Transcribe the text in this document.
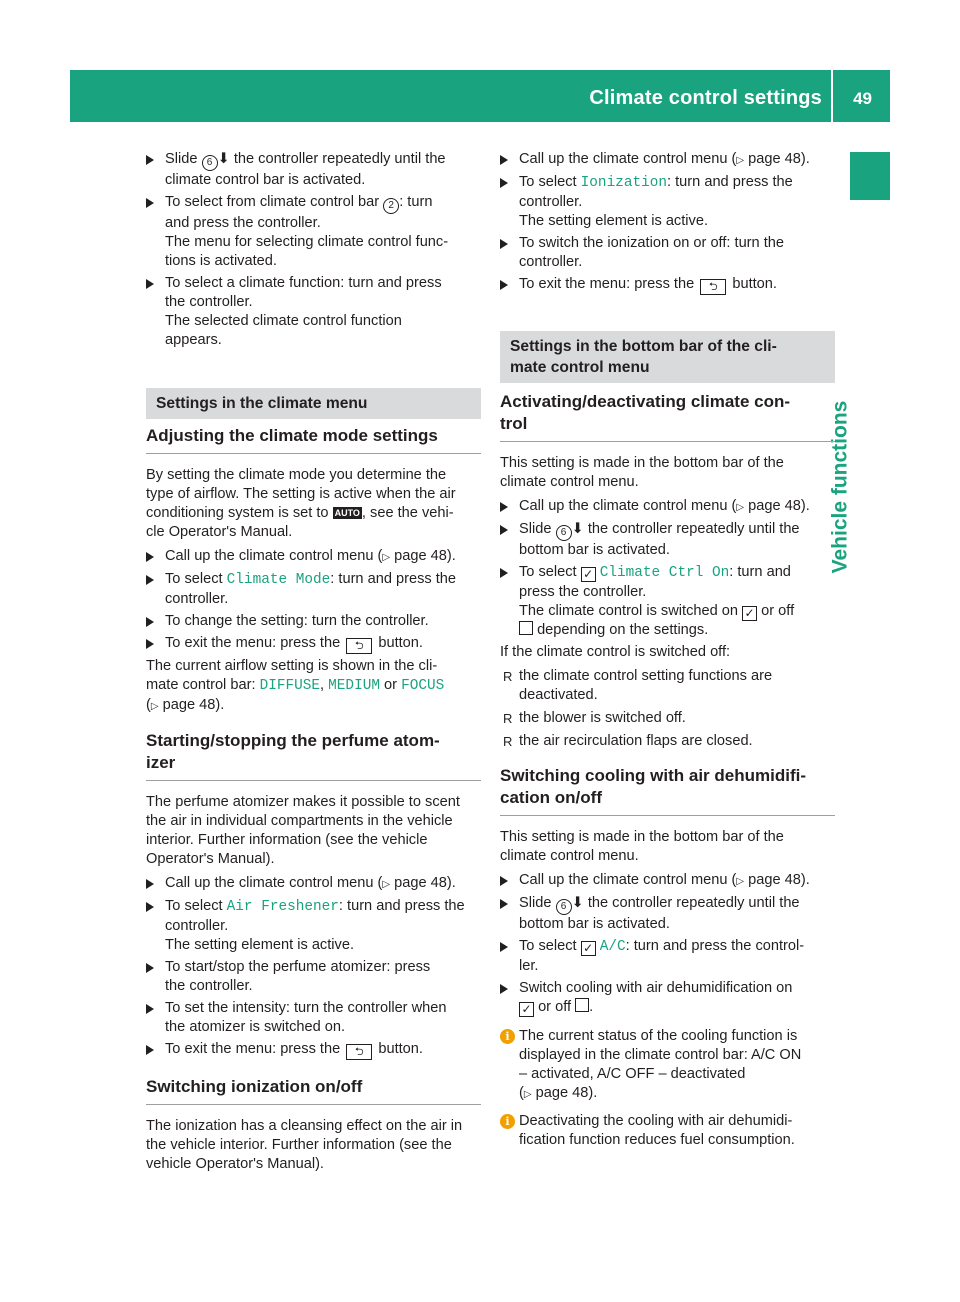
Climate control settings 49
Vehicle functions
Slide 6 ⬇ the controller repeatedly until the
climate control bar is activated.
To select from climate control bar 2 : turn
and press the controller.
The menu for selecting climate control func-
tions is activated.
To select a climate function: turn and press
the controller.
The selected climate control function
appears.
Settings in the climate menu
Adjusting the climate mode settings
By setting the climate mode you determine the
type of airflow. The setting is active when the air
conditioning system is set to AUTO , see the vehi-
cle Operator's Manual.
Call up the climate control menu (▷ page 48).
To select Climate Mode: turn and press the
controller.
To change the setting: turn the controller.
To exit the menu: press the ⮌ button.
The current airflow setting is shown in the cli-
mate control bar: DIFFUSE, MEDIUM or FOCUS
(▷ page 48).
Starting/stopping the perfume atom-
izer
The perfume atomizer makes it possible to scent
the air in individual compartments in the vehicle
interior. Further information (see the vehicle
Operator's Manual).
Call up the climate control menu (▷ page 48).
To select Air Freshener: turn and press the
controller.
The setting element is active.
To start/stop the perfume atomizer: press
the controller.
To set the intensity: turn the controller when
the atomizer is switched on.
To exit the menu: press the ⮌ button.
Switching ionization on/off
The ionization has a cleansing effect on the air in
the vehicle interior. Further information (see the
vehicle Operator's Manual).
Call up the climate control menu (▷ page 48).
To select Ionization: turn and press the
controller.
The setting element is active.
To switch the ionization on or off: turn the
controller.
To exit the menu: press the ⮌ button.
Settings in the bottom bar of the cli-
mate control menu
Activating/deactivating climate con-
trol
This setting is made in the bottom bar of the
climate control menu.
Call up the climate control menu (▷ page 48).
Slide 6 ⬇ the controller repeatedly until the
bottom bar is activated.
To select ✓ Climate Ctrl On: turn and
press the controller.
The climate control is switched on ✓ or off
depending on the settings.
If the climate control is switched off:
R the climate control setting functions are
deactivated.
R the blower is switched off.
R the air recirculation flaps are closed.
Switching cooling with air dehumidifi-
cation on/off
This setting is made in the bottom bar of the
climate control menu.
Call up the climate control menu (▷ page 48).
Slide 6 ⬇ the controller repeatedly until the
bottom bar is activated.
To select ✓ A/C: turn and press the control-
ler.
Switch cooling with air dehumidification on
✓ or off .
i The current status of the cooling function is
displayed in the climate control bar: A/C ON
– activated, A/C OFF – deactivated
(▷ page 48).
i Deactivating the cooling with air dehumidi-
fication function reduces fuel consumption.
